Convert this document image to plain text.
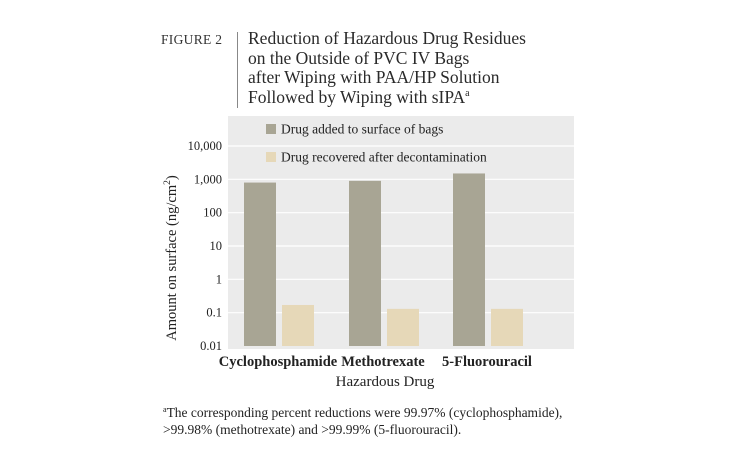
FIGURE 2 Reduction of Hazardous Drug Residues
on the Outside of PVC IV Bags
after Wiping with PAA/HP Solution
Followed by Wiping with sIPA$^a$
Drug added to surface of bags
Drug recovered after decontamination
10,000
1,000
100
10
1
0.1
0.01
Cyclophosphamide Methotrexate 5-Fluorouracil
Hazardous Drug
Amount on surface $(ng/cm^2)$
$^a$The corresponding percent reductions were 99.97% (cyclophosphamide),
>99.98% (methotrexate) and >99.99% (5-fluorouracil).
